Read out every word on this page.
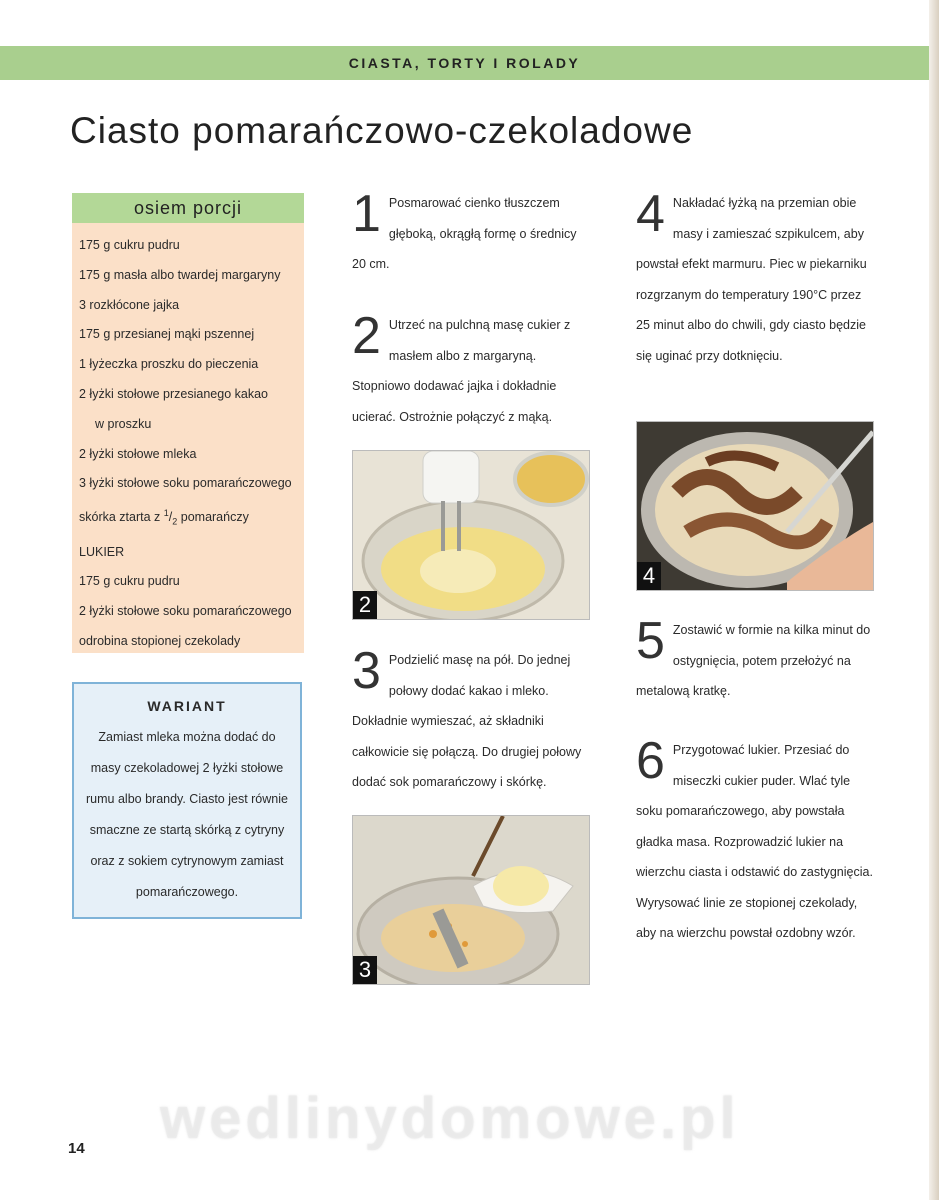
CIASTA, TORTY I ROLADY
Ciasto pomarańczowo-czekoladowe
osiem porcji
175 g cukru pudru
175 g masła albo twardej margaryny
3 rozkłócone jajka
175 g przesianej mąki pszennej
1 łyżeczka proszku do pieczenia
2 łyżki stołowe przesianego kakao
w proszku
2 łyżki stołowe mleka
3 łyżki stołowe soku pomarańczowego
skórka ztarta z $^1/_2$ pomarańczy
LUKIER
175 g cukru pudru
2 łyżki stołowe soku pomarańczowego
odrobina stopionej czekolady
WARIANT

Zamiast mleka można dodać do masy czekoladowej 2 łyżki stołowe rumu albo brandy. Ciasto jest równie smaczne ze startą skórką z cytryny oraz z sokiem cytrynowym zamiast pomarańczowego.

1 Posmarować cienko tłuszczem głęboką, okrągłą formę o średnicy 20 cm.
2 Utrzeć na pulchną masę cukier z masłem albo z margaryną. Stopniowo dodawać jajka i dokładnie ucierać. Ostrożnie połączyć z mąką.
2
3 Podzielić masę na pół. Do jednej połowy dodać kakao i mleko. Dokładnie wymieszać, aż składniki całkowicie się połączą. Do drugiej połowy dodać sok pomarańczowy i skórkę.
3
4 Nakładać łyżką na przemian obie masy i zamieszać szpikulcem, aby powstał efekt marmuru. Piec w piekarniku rozgrzanym do temperatury 190°C przez 25 minut albo do chwili, gdy ciasto będzie się uginać przy dotknięciu.
4
5 Zostawić w formie na kilka minut do ostygnięcia, potem przełożyć na metalową kratkę.
6 Przygotować lukier. Przesiać do miseczki cukier puder. Wlać tyle soku pomarańczowego, aby powstała gładka masa. Rozprowadzić lukier na wierzchu ciasta i odstawić do zastygnięcia. Wyrysować linie ze stopionej czekolady, aby na wierzchu powstał ozdobny wzór.
wedlinydomowe.pl
14
